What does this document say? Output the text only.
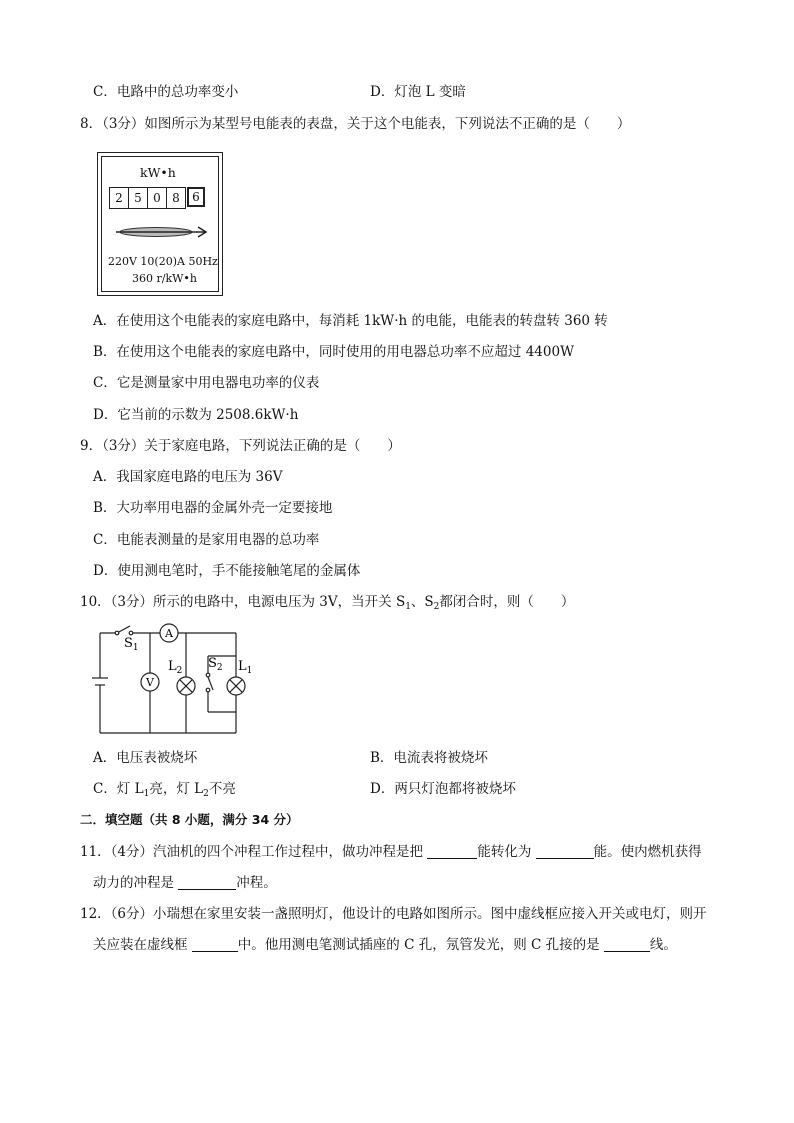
C．电路中的总功率变小	D．灯泡 L 变暗
8．（3分）如图所示为某型号电能表的表盘，关于这个电能表，下列说法不正确的是（　　）
kW•h
2 5 0 8	6
220V 10(20)A 50Hz
360 r/kW•h
A．在使用这个电能表的家庭电路中，每消耗 1kW·h 的电能，电能表的转盘转 360 转
B．在使用这个电能表的家庭电路中，同时使用的用电器总功率不应超过 4400W
C．它是测量家中用电器电功率的仪表
D．它当前的示数为 2508.6kW·h
9．（3分）关于家庭电路，下列说法正确的是（　　）
A．我国家庭电路的电压为 36V
B．大功率用电器的金属外壳一定要接地
C．电能表测量的是家用电器的总功率
D．使用测电笔时，手不能接触笔尾的金属体
10．（3分）所示的电路中，电源电压为 3V，当开关 $S_1$、$S_2$都闭合时，则（　　）
A
V
$S_1$
$L_2$ $S_2$ $L_1$
A．电压表被烧坏	B．电流表将被烧坏
C．灯 $L_1$亮，灯 $L_2$不亮	D．两只灯泡都将被烧坏
二．填空题（共 8 小题，满分 34 分）
11．（4分）汽油机的四个冲程工作过程中，做功冲程是把	能转化为	能。使内燃机获得
动力的冲程是	冲程。
12．（6分）小瑞想在家里安装一盏照明灯，他设计的电路如图所示。图中虚线框应接入开关或电灯，则开
关应装在虚线框	中。他用测电笔测试插座的 C 孔，氖管发光，则 C 孔接的是	线。
